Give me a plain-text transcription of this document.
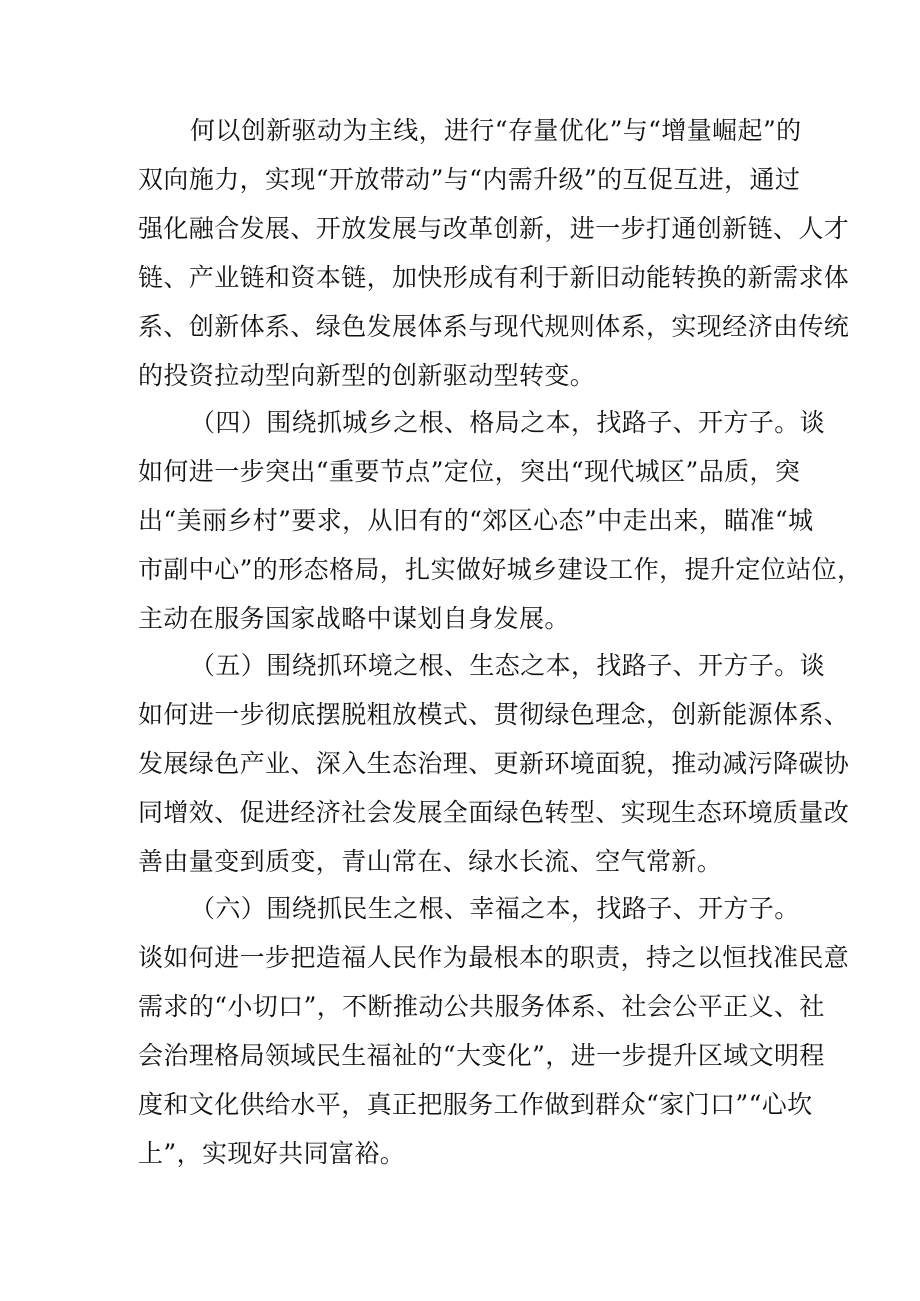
何以创新驱动为主线，进行“存量优化”与“增量崛起”的
双向施力，实现“开放带动”与“内需升级”的互促互进，通过
强化融合发展、开放发展与改革创新，进一步打通创新链、人才
链、产业链和资本链，加快形成有利于新旧动能转换的新需求体
系、创新体系、绿色发展体系与现代规则体系，实现经济由传统
的投资拉动型向新型的创新驱动型转变。
（四）围绕抓城乡之根、格局之本，找路子、开方子。谈
如何进一步突出“重要节点”定位，突出“现代城区”品质，突
出“美丽乡村”要求，从旧有的“郊区心态”中走出来，瞄准“城
市副中心”的形态格局，扎实做好城乡建设工作，提升定位站位，
主动在服务国家战略中谋划自身发展。
（五）围绕抓环境之根、生态之本，找路子、开方子。谈
如何进一步彻底摆脱粗放模式、贯彻绿色理念，创新能源体系、
发展绿色产业、深入生态治理、更新环境面貌，推动减污降碳协
同增效、促进经济社会发展全面绿色转型、实现生态环境质量改
善由量变到质变，青山常在、绿水长流、空气常新。
（六）围绕抓民生之根、幸福之本，找路子、开方子。
谈如何进一步把造福人民作为最根本的职责，持之以恒找准民意
需求的“小切口”，不断推动公共服务体系、社会公平正义、社
会治理格局领域民生福祉的“大变化”，进一步提升区域文明程
度和文化供给水平，真正把服务工作做到群众“家门口”“心坎
上”，实现好共同富裕。
